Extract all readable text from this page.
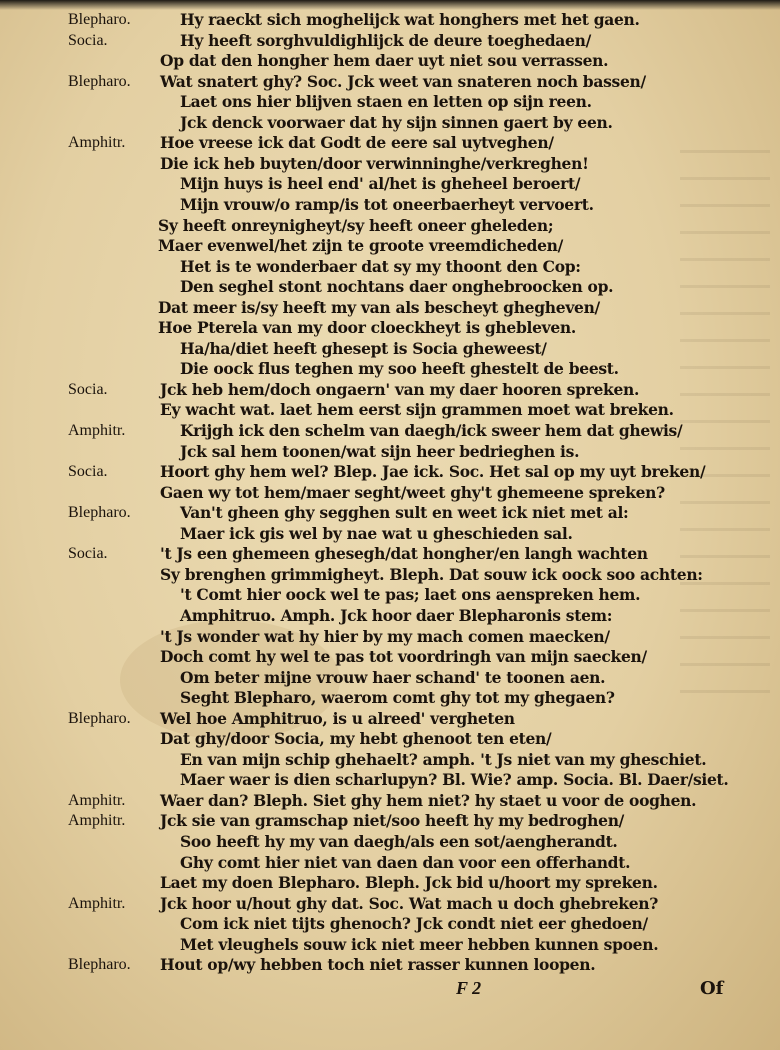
Blepharo.	Hy raeckt sich moghelijck wat honghers met het gaen.
Socia.	Hy heeft sorghvuldighlijck de deure toeghedaen/
Op dat den hongher hem daer uyt niet sou verrassen.
Blepharo. Wat snatert ghy? Soc. Jck weet van snateren noch bassen/
Laet ons hier blijven staen en letten op sijn reen.
Jck denck voorwaer dat hy sijn sinnen gaert by een.
Amphitr. Hoe vreese ick dat Godt de eere sal uytveghen/
Die ick heb buyten/door verwinninghe/verkreghen!
Mijn huys is heel end' al/het is gheheel beroert/
Mijn vrouw/o ramp/is tot oneerbaerheyt vervoert.
Sy heeft onreynigheyt/sy heeft oneer gheleden;
Maer evenwel/het zijn te groote vreemdicheden/
Het is te wonderbaer dat sy my thoont den Cop:
Den seghel stont nochtans daer onghebroocken op.
Dat meer is/sy heeft my van als bescheyt ghegheven/
Hoe Pterela van my door cloeckheyt is ghebleven.
Ha/ha/diet heeft ghesept is Socia gheweest/
Die oock flus teghen my soo heeft ghestelt de beest.
Socia.	Jck heb hem/doch ongaern' van my daer hooren spreken.
Ey wacht wat. laet hem eerst sijn grammen moet wat breken.
Amphitr.	Krijgh ick den schelm van daegh/ick sweer hem dat ghewis/
Jck sal hem toonen/wat sijn heer bedrieghen is.
Socia.	Hoort ghy hem wel? Blep. Jae ick. Soc. Het sal op my uyt breken/
Gaen wy tot hem/maer seght/weet ghy't ghemeene spreken?
Blepharo.	Van't gheen ghy segghen sult en weet ick niet met al:
Maer ick gis wel by nae wat u gheschieden sal.
Socia.	't Js een ghemeen ghesegh/dat hongher/en langh wachten
Sy brenghen grimmigheyt. Bleph. Dat souw ick oock soo achten:
't Comt hier oock wel te pas; laet ons aenspreken hem.
Amphitruo. Amph. Jck hoor daer Blepharonis stem:
't Js wonder wat hy hier by my mach comen maecken/
Doch comt hy wel te pas tot voordringh van mijn saecken/
Om beter mijne vrouw haer schand' te toonen aen.
Seght Blepharo, waerom comt ghy tot my ghegaen?
Blepharo. Wel hoe Amphitruo, is u alreed' vergheten
Dat ghy/door Socia, my hebt ghenoot ten eten/
En van mijn schip ghehaelt? amph. 't Js niet van my gheschiet.
Maer waer is dien scharlupyn? Bl. Wie? amp. Socia. Bl. Daer/siet.
Amphitr. Waer dan? Bleph. Siet ghy hem niet? hy staet u voor de ooghen.
Amphitr. Jck sie van gramschap niet/soo heeft hy my bedroghen/
Soo heeft hy my van daegh/als een sot/aengherandt.
Ghy comt hier niet van daen dan voor een offerhandt.
Laet my doen Blepharo. Bleph. Jck bid u/hoort my spreken.
Amphitr. Jck hoor u/hout ghy dat. Soc. Wat mach u doch ghebreken?
Com ick niet tijts ghenoch? Jck condt niet eer ghedoen/
Met vleughels souw ick niet meer hebben kunnen spoen.
Blepharo. Hout op/wy hebben toch niet rasser kunnen loopen.
F 2	Of
